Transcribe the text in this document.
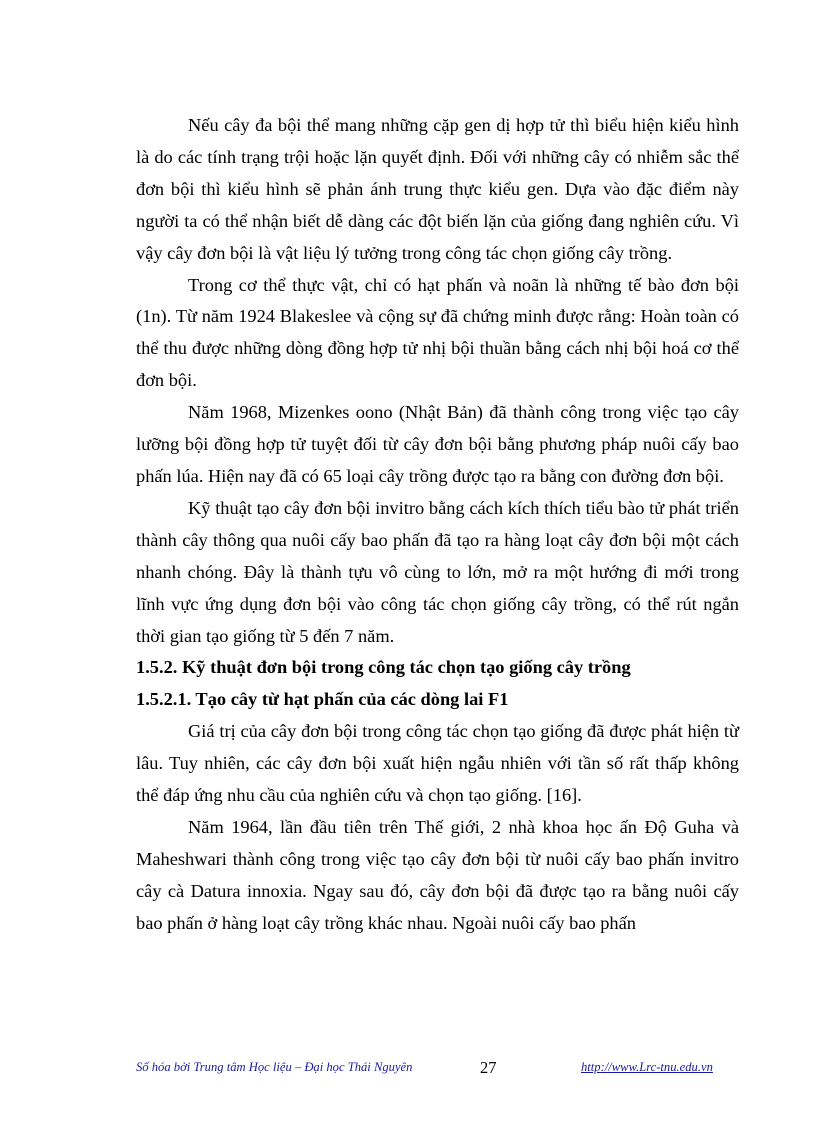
Nếu cây đa bội thể mang những cặp gen dị hợp tử thì biểu hiện kiểu hình là do các tính trạng trội hoặc lặn quyết định. Đối với những cây có nhiễm sắc thể đơn bội thì kiểu hình sẽ phản ánh trung thực kiểu gen. Dựa vào đặc điểm này người ta có thể nhận biết dễ dàng các đột biến lặn của giống đang nghiên cứu. Vì vậy cây đơn bội là vật liệu lý tưởng trong công tác chọn giống cây trồng.

Trong cơ thể thực vật, chỉ có hạt phấn và noãn là những tế bào đơn bội (1n). Từ năm 1924 Blakeslee và cộng sự đã chứng minh được rằng: Hoàn toàn có thể thu được những dòng đồng hợp tử nhị bội thuần bằng cách nhị bội hoá cơ thể đơn bội.

Năm 1968, Mizenkes oono (Nhật Bản) đã thành công trong việc tạo cây lưỡng bội đồng hợp tử tuyệt đối từ cây đơn bội bằng phương pháp nuôi cấy bao phấn lúa. Hiện nay đã có 65 loại cây trồng được tạo ra bằng con đường đơn bội.

Kỹ thuật tạo cây đơn bội invitro bằng cách kích thích tiểu bào tử phát triển thành cây thông qua nuôi cấy bao phấn đã tạo ra hàng loạt cây đơn bội một cách nhanh chóng. Đây là thành tựu vô cùng to lớn, mở ra một hướng đi mới trong lĩnh vực ứng dụng đơn bội vào công tác chọn giống cây trồng, có thể rút ngắn thời gian tạo giống từ 5 đến 7 năm.

1.5.2. Kỹ thuật đơn bội trong công tác chọn tạo giống cây trồng

1.5.2.1. Tạo cây từ hạt phấn của các dòng lai F1

Giá trị của cây đơn bội trong công tác chọn tạo giống đã được phát hiện từ lâu. Tuy nhiên, các cây đơn bội xuất hiện ngẫu nhiên với tần số rất thấp không thể đáp ứng nhu cầu của nghiên cứu và chọn tạo giống. [16].

Năm 1964, lần đầu tiên trên Thế giới, 2 nhà khoa học ấn Độ Guha và Maheshwari thành công trong việc tạo cây đơn bội từ nuôi cấy bao phấn invitro cây cà Datura innoxia. Ngay sau đó, cây đơn bội đã được tạo ra bằng nuôi cấy bao phấn ở hàng loạt cây trồng khác nhau. Ngoài nuôi cấy bao phấn

Số hóa bởi Trung tâm Học liệu – Đại học Thái Nguyên	27	http://www.Lrc-tnu.edu.vn
